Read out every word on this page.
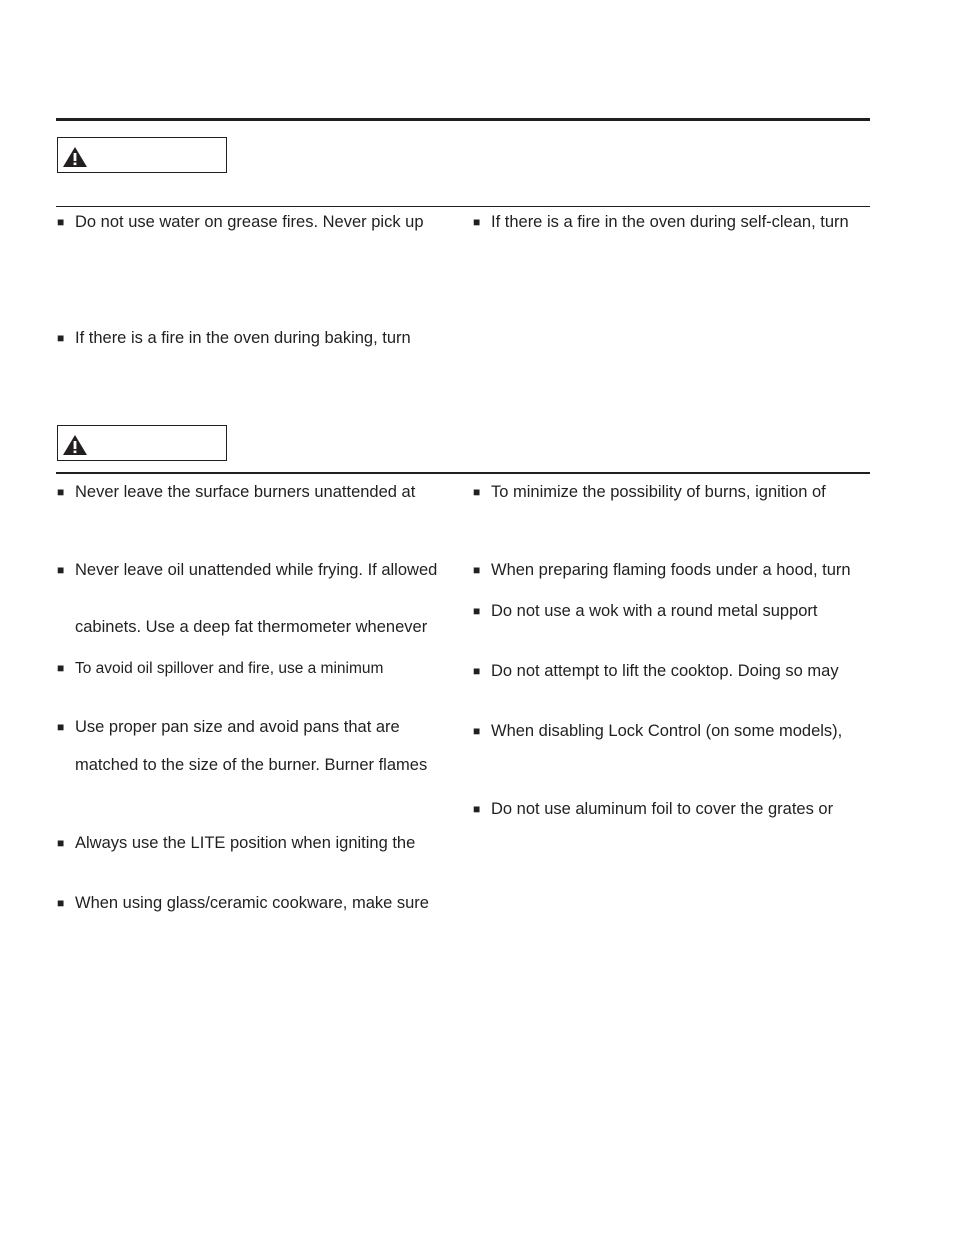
■ Do not use water on grease fires. Never pick up
■ If there is a fire in the oven during baking, turn
■ If there is a fire in the oven during self-clean, turn
■ Never leave the surface burners unattended at
■ Never leave oil unattended while frying. If allowed
cabinets. Use a deep fat thermometer whenever
■ To avoid oil spillover and fire, use a minimum
■ Use proper pan size and avoid pans that are
matched to the size of the burner. Burner flames
■ Always use the LITE position when igniting the
■ When using glass/ceramic cookware, make sure
■ To minimize the possibility of burns, ignition of
■ When preparing flaming foods under a hood, turn
■ Do not use a wok with a round metal support
■ Do not attempt to lift the cooktop. Doing so may
■ When disabling Lock Control (on some models),
■ Do not use aluminum foil to cover the grates or
